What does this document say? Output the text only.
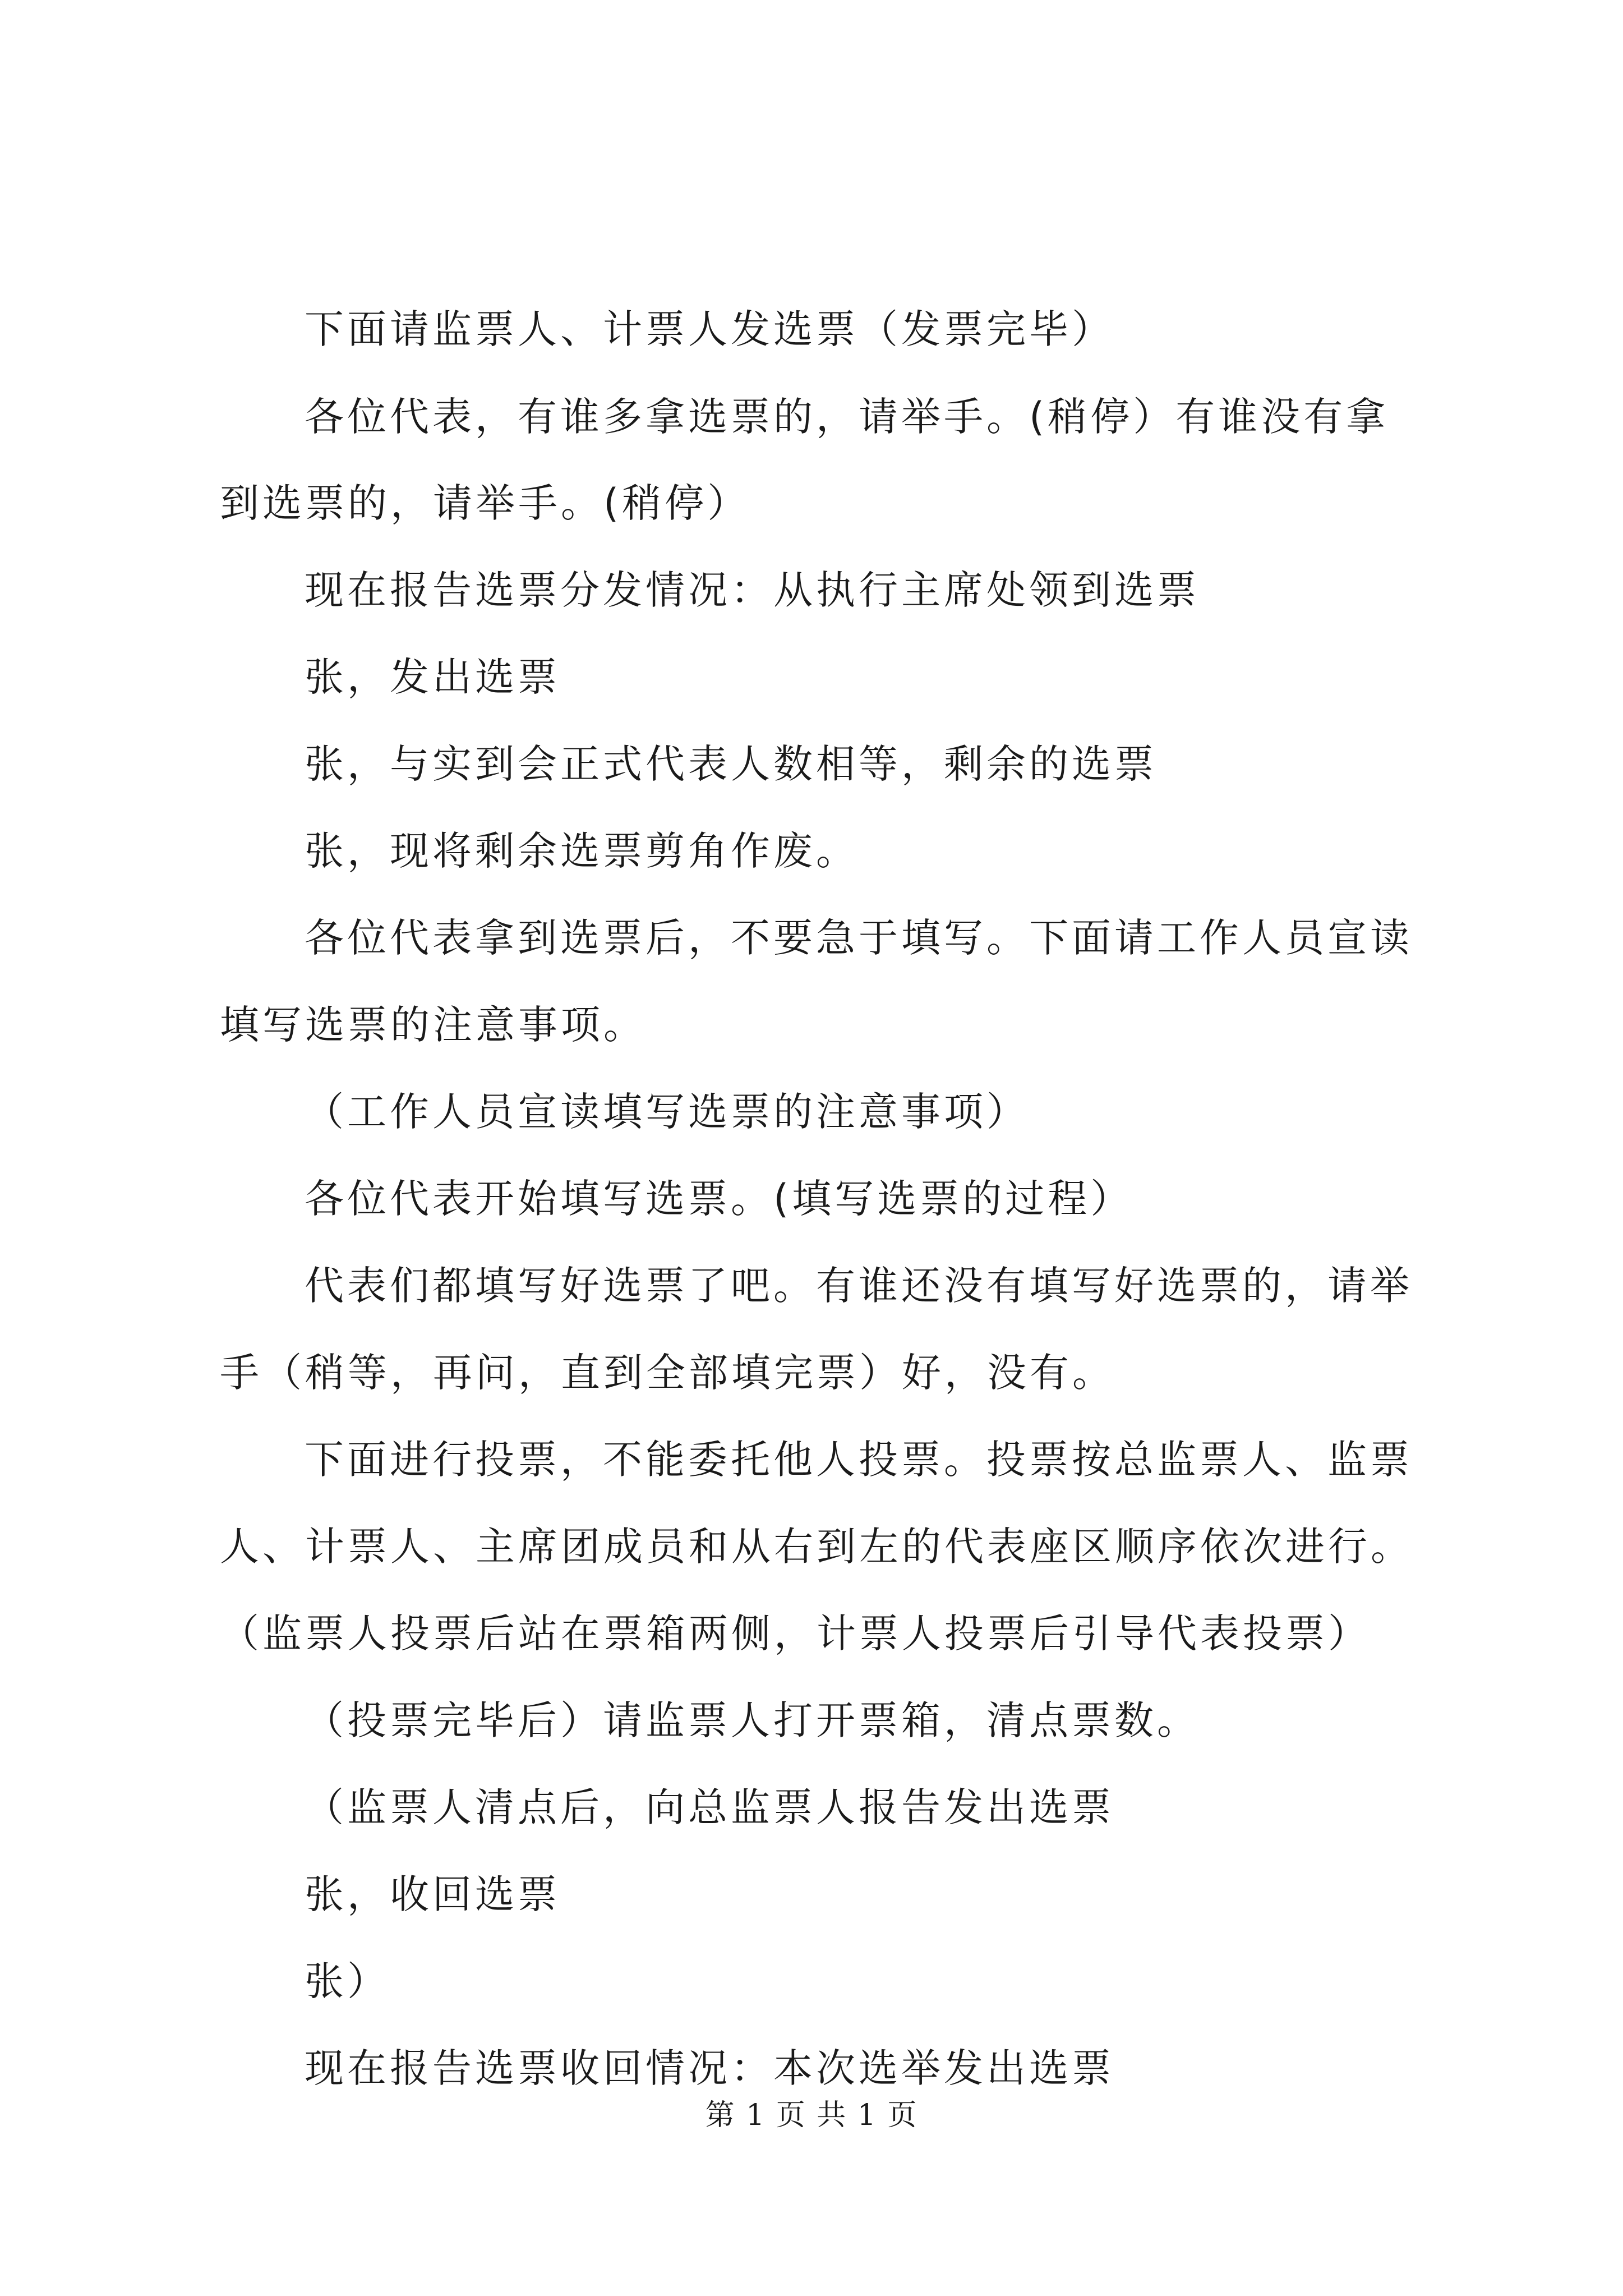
下面请监票人、计票人发选票（发票完毕）
各位代表，有谁多拿选票的，请举手。(稍停）有谁没有拿
到选票的，请举手。(稍停）
现在报告选票分发情况：从执行主席处领到选票
张，发出选票
张，与实到会正式代表人数相等，剩余的选票
张，现将剩余选票剪角作废。
各位代表拿到选票后，不要急于填写。下面请工作人员宣读
填写选票的注意事项。
（工作人员宣读填写选票的注意事项）
各位代表开始填写选票。(填写选票的过程）
代表们都填写好选票了吧。有谁还没有填写好选票的，请举
手（稍等，再问，直到全部填完票）好，没有。
下面进行投票，不能委托他人投票。投票按总监票人、监票
人、计票人、主席团成员和从右到左的代表座区顺序依次进行。
（监票人投票后站在票箱两侧，计票人投票后引导代表投票）
（投票完毕后）请监票人打开票箱，清点票数。
（监票人清点后，向总监票人报告发出选票
张，收回选票
张）
现在报告选票收回情况：本次选举发出选票
第 1 页 共 1 页
